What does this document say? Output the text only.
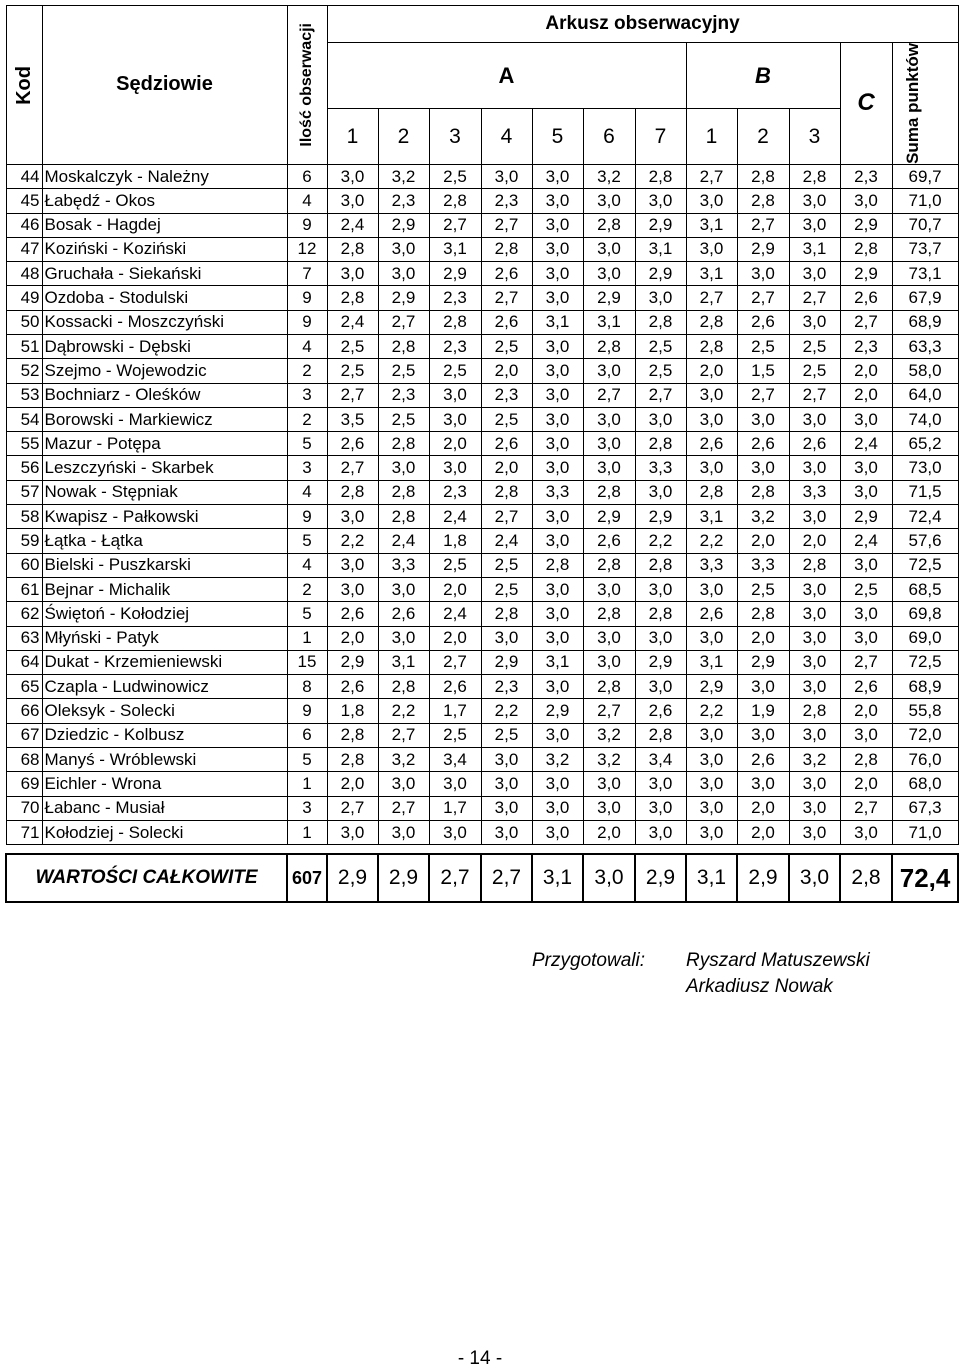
Kod	Sędziowie	Ilość obserwacji	Arkusz obserwacyjny											
			A							B			C	Suma punktów

			1	2	3	4	5	6	7	1	2	3		
44	Moskalczyk - Należny	6	3,0	3,2	2,5	3,0	3,0	3,2	2,8	2,7	2,8	2,8	2,3	69,7
45	Łabędź - Okos	4	3,0	2,3	2,8	2,3	3,0	3,0	3,0	3,0	2,8	3,0	3,0	71,0
46	Bosak - Hagdej	9	2,4	2,9	2,7	2,7	3,0	2,8	2,9	3,1	2,7	3,0	2,9	70,7
47	Koziński - Koziński	12	2,8	3,0	3,1	2,8	3,0	3,0	3,1	3,0	2,9	3,1	2,8	73,7
48	Gruchała - Siekański	7	3,0	3,0	2,9	2,6	3,0	3,0	2,9	3,1	3,0	3,0	2,9	73,1
49	Ozdoba - Stodulski	9	2,8	2,9	2,3	2,7	3,0	2,9	3,0	2,7	2,7	2,7	2,6	67,9
50	Kossacki - Moszczyński	9	2,4	2,7	2,8	2,6	3,1	3,1	2,8	2,8	2,6	3,0	2,7	68,9
51	Dąbrowski - Dębski	4	2,5	2,8	2,3	2,5	3,0	2,8	2,5	2,8	2,5	2,5	2,3	63,3
52	Szejmo - Wojewodzic	2	2,5	2,5	2,5	2,0	3,0	3,0	2,5	2,0	1,5	2,5	2,0	58,0
53	Bochniarz - Oleśków	3	2,7	2,3	3,0	2,3	3,0	2,7	2,7	3,0	2,7	2,7	2,0	64,0
54	Borowski - Markiewicz	2	3,5	2,5	3,0	2,5	3,0	3,0	3,0	3,0	3,0	3,0	3,0	74,0
55	Mazur - Potępa	5	2,6	2,8	2,0	2,6	3,0	3,0	2,8	2,6	2,6	2,6	2,4	65,2
56	Leszczyński - Skarbek	3	2,7	3,0	3,0	2,0	3,0	3,0	3,3	3,0	3,0	3,0	3,0	73,0
57	Nowak - Stępniak	4	2,8	2,8	2,3	2,8	3,3	2,8	3,0	2,8	2,8	3,3	3,0	71,5
58	Kwapisz - Pałkowski	9	3,0	2,8	2,4	2,7	3,0	2,9	2,9	3,1	3,2	3,0	2,9	72,4
59	Łątka - Łątka	5	2,2	2,4	1,8	2,4	3,0	2,6	2,2	2,2	2,0	2,0	2,4	57,6
60	Bielski - Puszkarski	4	3,0	3,3	2,5	2,5	2,8	2,8	2,8	3,3	3,3	2,8	3,0	72,5
61	Bejnar - Michalik	2	3,0	3,0	2,0	2,5	3,0	3,0	3,0	3,0	2,5	3,0	2,5	68,5
62	Świętoń - Kołodziej	5	2,6	2,6	2,4	2,8	3,0	2,8	2,8	2,6	2,8	3,0	3,0	69,8
63	Młyński - Patyk	1	2,0	3,0	2,0	3,0	3,0	3,0	3,0	3,0	2,0	3,0	3,0	69,0
64	Dukat - Krzemieniewski	15	2,9	3,1	2,7	2,9	3,1	3,0	2,9	3,1	2,9	3,0	2,7	72,5
65	Czapla - Ludwinowicz	8	2,6	2,8	2,6	2,3	3,0	2,8	3,0	2,9	3,0	3,0	2,6	68,9
66	Oleksyk - Solecki	9	1,8	2,2	1,7	2,2	2,9	2,7	2,6	2,2	1,9	2,8	2,0	55,8
67	Dziedzic - Kolbusz	6	2,8	2,7	2,5	2,5	3,0	3,2	2,8	3,0	3,0	3,0	3,0	72,0
68	Manyś - Wróblewski	5	2,8	3,2	3,4	3,0	3,2	3,2	3,4	3,0	2,6	3,2	2,8	76,0
69	Eichler - Wrona	1	2,0	3,0	3,0	3,0	3,0	3,0	3,0	3,0	3,0	3,0	2,0	68,0
70	Łabanc - Musiał	3	2,7	2,7	1,7	3,0	3,0	3,0	3,0	3,0	2,0	3,0	2,7	67,3
71	Kołodziej - Solecki	1	3,0	3,0	3,0	3,0	3,0	2,0	3,0	3,0	2,0	3,0	3,0	71,0

WARTOŚCI CAŁKOWITE		607	2,9	2,9	2,7	2,7	3,1	3,0	2,9	3,1	2,9	3,0	2,8	72,4
Przygotowali: Ryszard Matuszewski
Arkadiusz Nowak
- 14 -
